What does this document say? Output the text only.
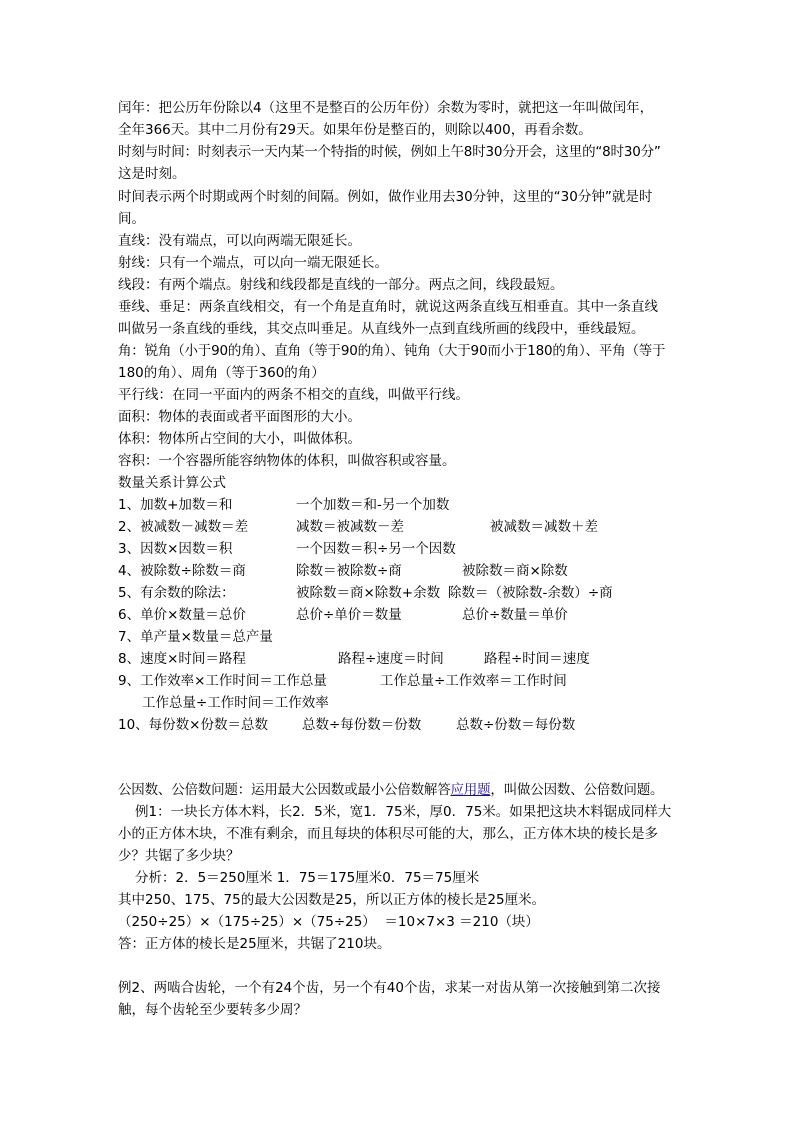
闰年：把公历年份除以4（这里不是整百的公历年份）余数为零时，就把这一年叫做闰年，
全年366天。其中二月份有29天。如果年份是整百的，则除以400，再看余数。
时刻与时间：时刻表示一天内某一个特指的时候，例如上午8时30分开会，这里的“8时30分”
这是时刻。
时间表示两个时期或两个时刻的间隔。例如，做作业用去30分钟，这里的“30分钟”就是时
间。
直线：没有端点，可以向两端无限延长。
射线：只有一个端点，可以向一端无限延长。
线段：有两个端点。射线和线段都是直线的一部分。两点之间，线段最短。
垂线、垂足：两条直线相交，有一个角是直角时，就说这两条直线互相垂直。其中一条直线
叫做另一条直线的垂线，其交点叫垂足。从直线外一点到直线所画的线段中，垂线最短。
角：锐角（小于90的角）、直角（等于90的角）、钝角（大于90而小于180的角）、平角（等于
180的角）、周角（等于360的角）
平行线：在同一平面内的两条不相交的直线，叫做平行线。
面积：物体的表面或者平面图形的大小。
体积：物体所占空间的大小，叫做体积。
容积：一个容器所能容纳物体的体积，叫做容积或容量。
数量关系计算公式
1、加数+加数＝和	一个加数＝和-另一个加数
2、被减数－减数＝差	减数＝被减数－差	被减数＝减数＋差
3、因数×因数＝积	一个因数＝积÷另一个因数
4、被除数÷除数＝商	除数＝被除数÷商	被除数＝商×除数
5、有余数的除法：	被除数＝商×除数+余数 除数＝（被除数-余数）÷商
6、单价×数量＝总价	总价÷单价＝数量	总价÷数量＝单价
7、单产量×数量＝总产量
8、速度×时间＝路程	路程÷速度＝时间	路程÷时间＝速度
9、工作效率×工作时间＝工作总量	工作总量÷工作效率＝工作时间
工作总量÷工作时间＝工作效率
10、每份数×份数＝总数	总数÷每份数＝份数	总数÷份数＝每份数
公因数、公倍数问题：运用最大公因数或最小公倍数解答应用题，叫做公因数、公倍数问题。
例1：一块长方体木料，长2．5米，宽1．75米，厚0．75米。如果把这块木料锯成同样大
小的正方体木块，不准有剩余，而且每块的体积尽可能的大，那么，正方体木块的棱长是多
少？共锯了多少块？
分析：2．5＝250厘米 1．75＝175厘米0．75＝75厘米
其中250、175、75的最大公因数是25，所以正方体的棱长是25厘米。
（250÷25）×（175÷25）×（75÷25）  ＝10×7×3 ＝210（块）
答：正方体的棱长是25厘米，共锯了210块。
例2、两啮合齿轮，一个有24个齿，另一个有40个齿，求某一对齿从第一次接触到第二次接
触，每个齿轮至少要转多少周？
